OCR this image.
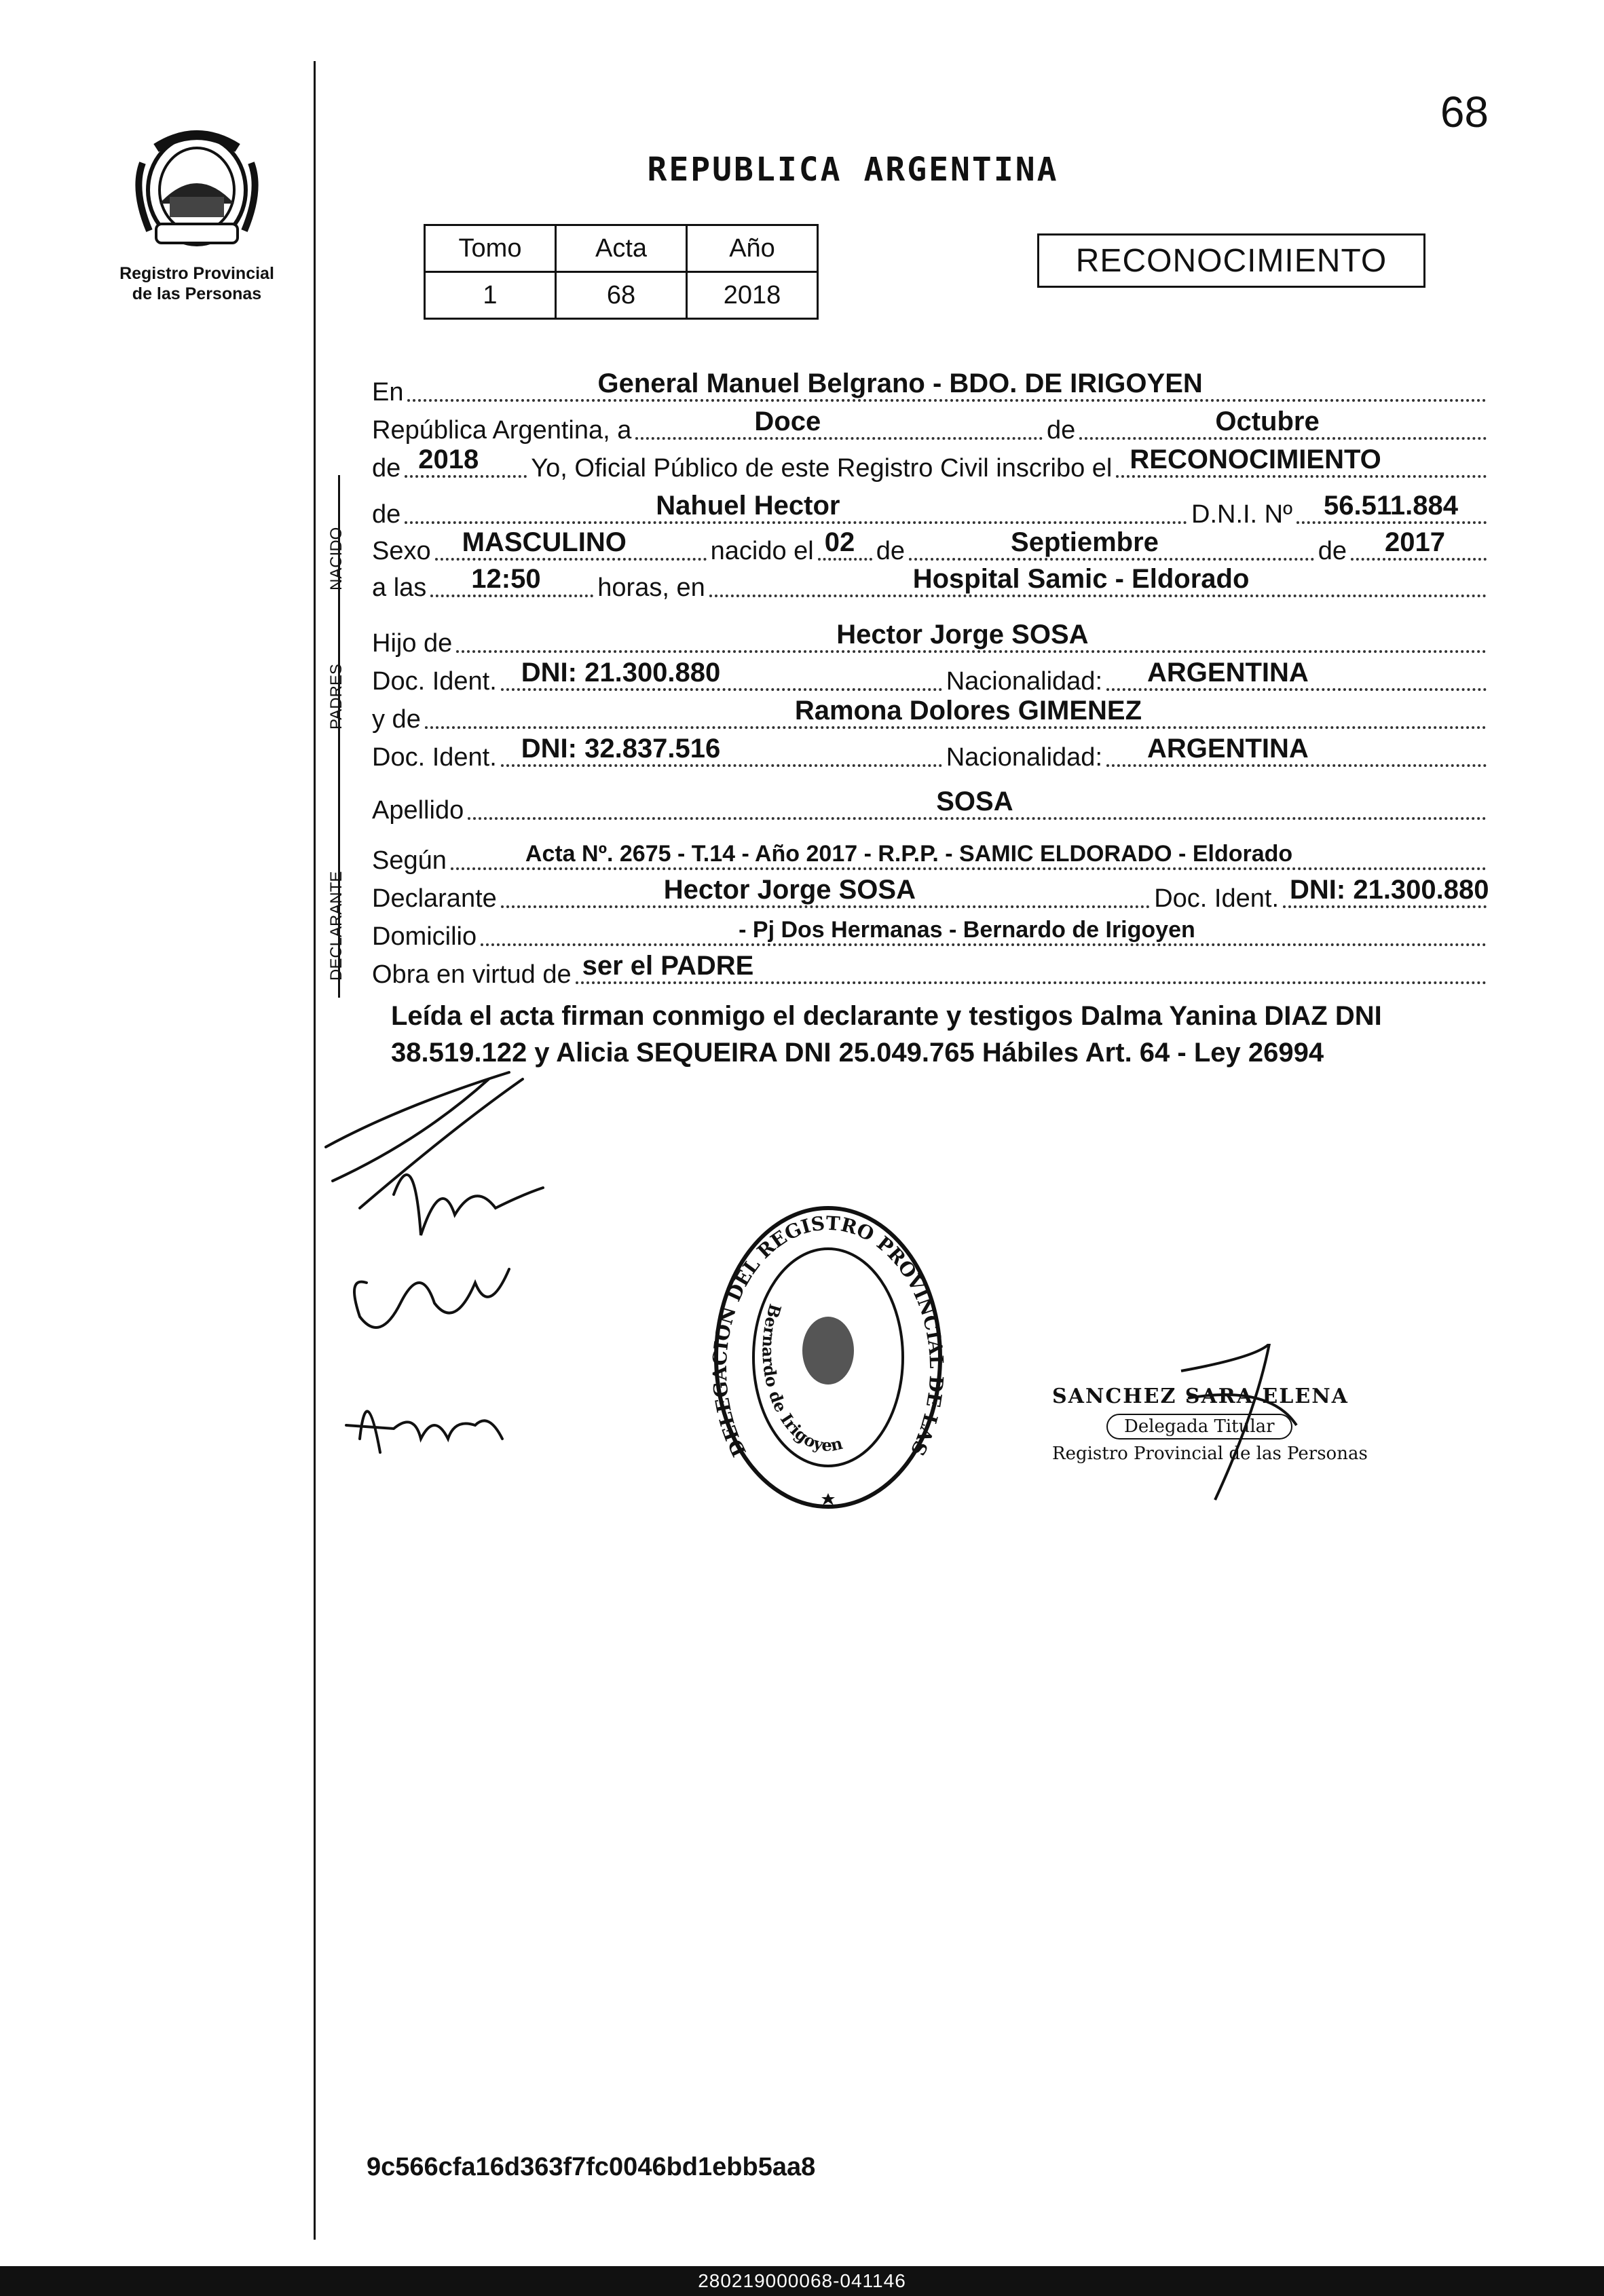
68
Registro Provincial
de las Personas
REPUBLICA ARGENTINA
Tomo	Acta	Año
1	68	2018
RECONOCIMIENTO
NACIDO
PADRES
DECLARANTE
En	General Manuel Belgrano - BDO. DE IRIGOYEN
República Argentina, a	Doce	de	Octubre
de 2018 Yo, Oficial Público de este Registro Civil inscribo el RECONOCIMIENTO
de	Nahuel Hector	D.N.I. Nº 56.511.884
Sexo MASCULINO	nacido el 02 de	Septiembre	de 2017
a las 12:50 horas, en	Hospital Samic - Eldorado
Hijo de	Hector Jorge SOSA
Doc. Ident. DNI: 21.300.880	Nacionalidad: ARGENTINA
y de	Ramona Dolores GIMENEZ
Doc. Ident. DNI: 32.837.516	Nacionalidad: ARGENTINA
Apellido	SOSA
Según	Acta Nº. 2675 - T.14 - Año 2017 - R.P.P. - SAMIC ELDORADO - Eldorado
Declarante	Hector Jorge SOSA	Doc. Ident. DNI: 21.300.880
Domicilio	- Pj Dos Hermanas - Bernardo de Irigoyen
Obra en virtud de ser el PADRE
Leída el acta firman conmigo el declarante y testigos Dalma Yanina DIAZ DNI 38.519.122 y Alicia SEQUEIRA DNI 25.049.765 Hábiles Art. 64 - Ley 26994
DELEGACION DEL REGISTRO PROVINCIAL DE LAS
Bernardo de Irigoyen
SANCHEZ SARA ELENA
Delegada Titular
Registro Provincial de las Personas
9c566cfa16d363f7fc0046bd1ebb5aa8
280219000068-041146
